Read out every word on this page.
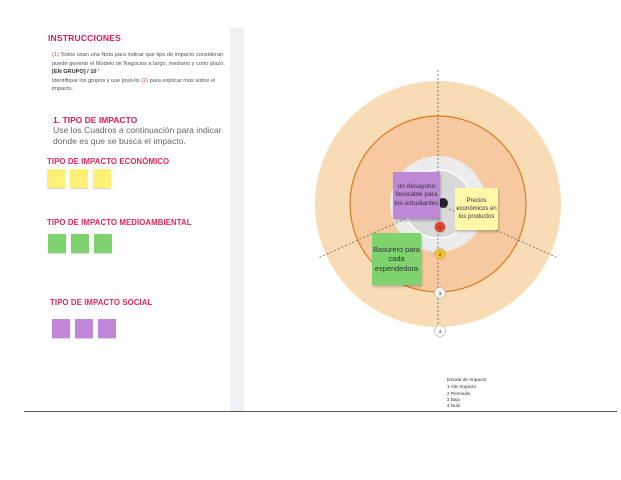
INSTRUCCIONES
(1) Todos usan una Nota para indicar que tipo de impacto consideran puede generar el Modelo de Negocios a largo, mediano y corto plazo.
[EN GRUPO] / 10 '
Identifique los grupos y use post-its (2) para explicar más sobre el impacto.
1. TIPO DE IMPACTO
Use los Cuadros a continuación para indicar donde es que se busca el impacto.
TIPO DE IMPACTO ECONÓMICO
TIPO DE IMPACTO MEDIOAMBIENTAL
TIPO DE IMPACTO SOCIAL
1
2
3
4
un desayuno favorable para los estudiantes	Precios económicos en los productos
Basurero para cada expendedora
Escala de Impacto
1 Alto Impacto
2 Promedio
3 Bajo
4 Nulo
